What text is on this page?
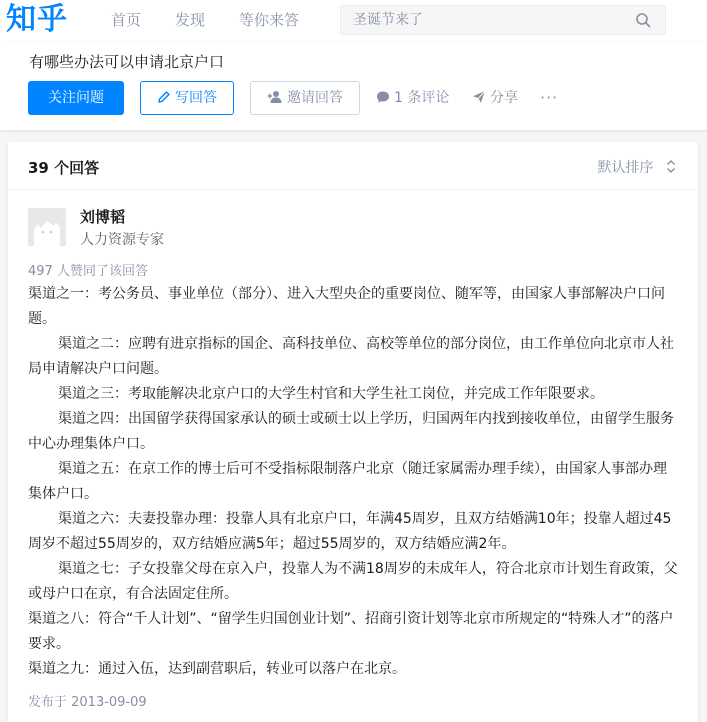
知乎	首页 发现 等你来答
圣诞节来了
有哪些办法可以申请北京户口
关注问题	写回答	邀请回答	1 条评论	分享 ···
39 个回答	默认排序
刘博韬
人力资源专家
497 人赞同了该回答

渠道之一：考公务员、事业单位（部分）、进入大型央企的重要岗位、随军等，由国家人事部解决户口问题。

渠道之二：应聘有进京指标的国企、高科技单位、高校等单位的部分岗位，由工作单位向北京市人社局申请解决户口问题。

渠道之三：考取能解决北京户口的大学生村官和大学生社工岗位，并完成工作年限要求。

渠道之四：出国留学获得国家承认的硕士或硕士以上学历，归国两年内找到接收单位，由留学生服务中心办理集体户口。

渠道之五：在京工作的博士后可不受指标限制落户北京（随迁家属需办理手续），由国家人事部办理集体户口。

渠道之六：夫妻投靠办理：投靠人具有北京户口，年满45周岁，且双方结婚满10年；投靠人超过45周岁不超过55周岁的，双方结婚应满5年；超过55周岁的，双方结婚应满2年。

渠道之七：子女投靠父母在京入户，投靠人为不满18周岁的未成年人，符合北京市计划生育政策，父或母户口在京，有合法固定住所。

渠道之八：符合“千人计划”、“留学生归国创业计划”、招商引资计划等北京市所规定的“特殊人才”的落户要求。

渠道之九：通过入伍，达到副营职后，转业可以落户在北京。

发布于 2013-09-09
